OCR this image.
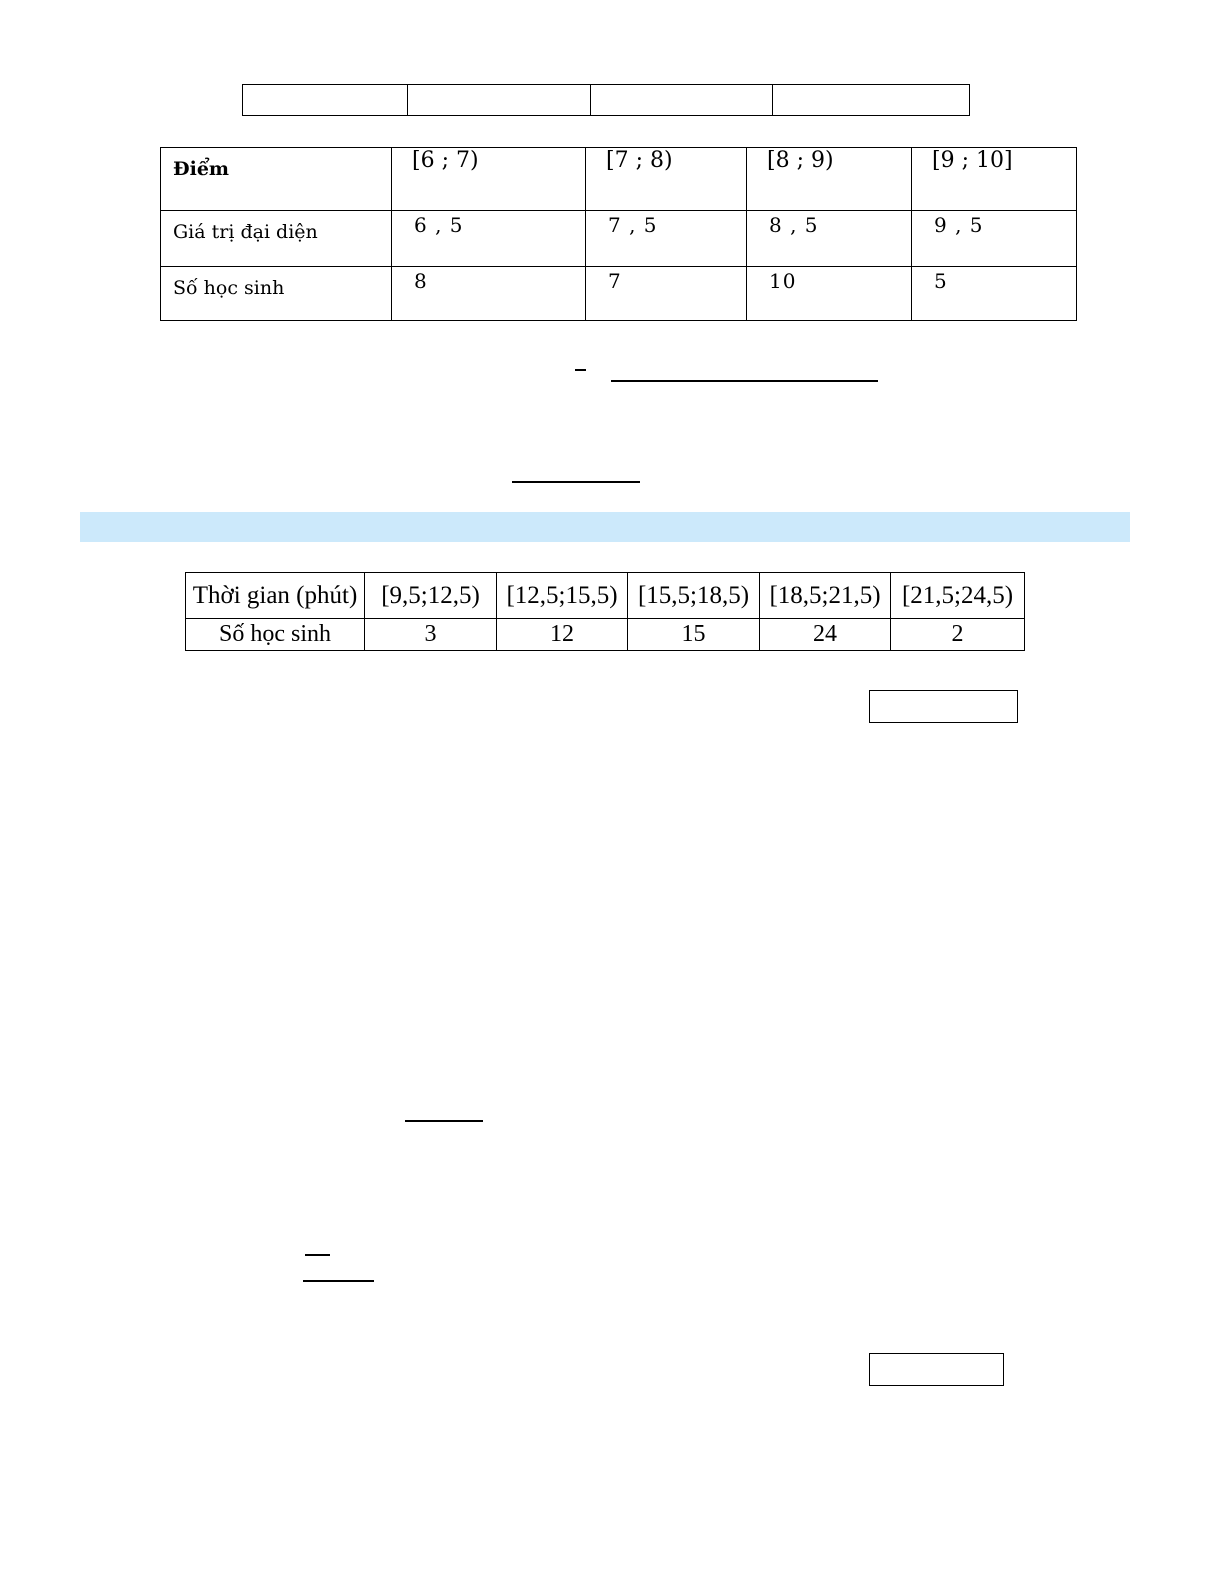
Điểm	[6 ; 7)	[7 ; 8)	[8 ; 9)	[9 ; 10]
Giá trị đại diện	6 , 5	7 , 5	8 , 5	9 , 5
Số học sinh	8	7	10	5
Thời gian (phút)	[9,5;12,5)	[12,5;15,5)	[15,5;18,5)	[18,5;21,5)	[21,5;24,5)
Số học sinh	3	12	15	24	2
